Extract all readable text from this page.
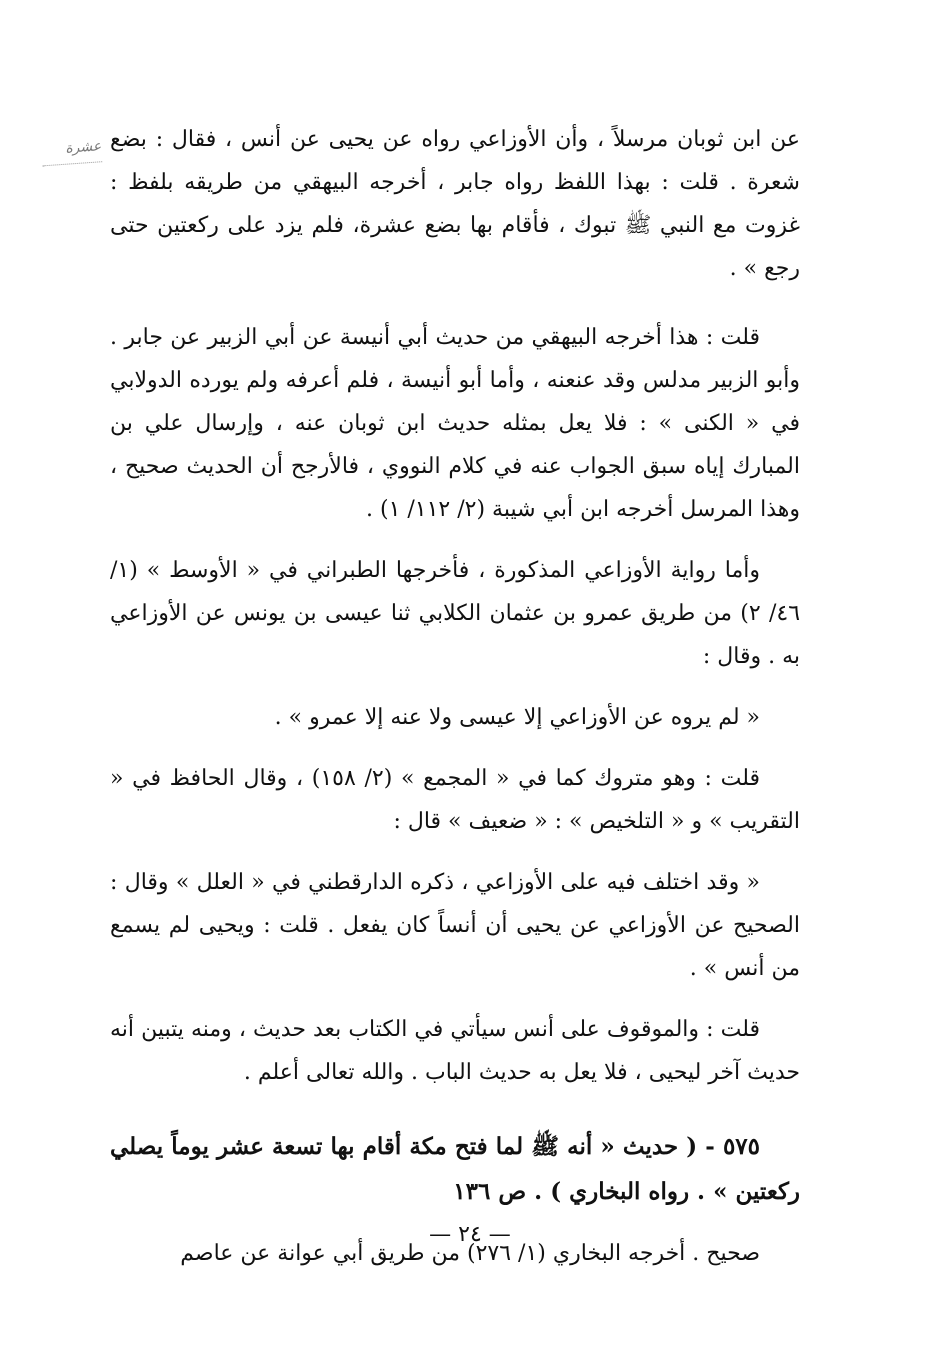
عشرة عن ابن ثوبان مرسلاً ، وأن الأوزاعي رواه عن يحيى عن أنس ، فقال : بضع شعرة . قلت : بهذا اللفظ رواه جابر ، أخرجه البيهقي من طريقه بلفظ : غزوت مع النبي ﷺ تبوك ، فأقام بها بضع عشرة، فلم يزد على ركعتين حتى رجع » .

قلت : هذا أخرجه البيهقي من حديث أبي أنيسة عن أبي الزبير عن جابر . وأبو الزبير مدلس وقد عنعنه ، وأما أبو أنيسة ، فلم أعرفه ولم يورده الدولابي في « الكنى » : فلا يعل بمثله حديث ابن ثوبان عنه ، وإرسال علي بن المبارك إياه سبق الجواب عنه في كلام النووي ، فالأرجح أن الحديث صحيح ، وهذا المرسل أخرجه ابن أبي شيبة (٢/ ١١٢/ ١) .

وأما رواية الأوزاعي المذكورة ، فأخرجها الطبراني في « الأوسط » (١/ ٤٦/ ٢) من طريق عمرو بن عثمان الكلابي ثنا عيسى بن يونس عن الأوزاعي به . وقال :

« لم يروه عن الأوزاعي إلا عيسى ولا عنه إلا عمرو » .

قلت : وهو متروك كما في « المجمع » (٢/ ١٥٨) ، وقال الحافظ في « التقريب » و « التلخيص » : « ضعيف » قال :

« وقد اختلف فيه على الأوزاعي ، ذكره الدارقطني في « العلل » وقال : الصحيح عن الأوزاعي عن يحيى أن أنساً كان يفعل . قلت : ويحيى لم يسمع من أنس » .

قلت : والموقوف على أنس سيأتي في الكتاب بعد حديث ، ومنه يتبين أنه حديث آخر ليحيى ، فلا يعل به حديث الباب . والله تعالى أعلم .

٥٧٥ - ( حديث « أنه ﷺ لما فتح مكة أقام بها تسعة عشر يوماً يصلي ركعتين » . رواه البخاري ) . ص ١٣٦

صحيح . أخرجه البخاري (١/ ٢٧٦) من طريق أبي عوانة عن عاصم

— ٢٤ —
